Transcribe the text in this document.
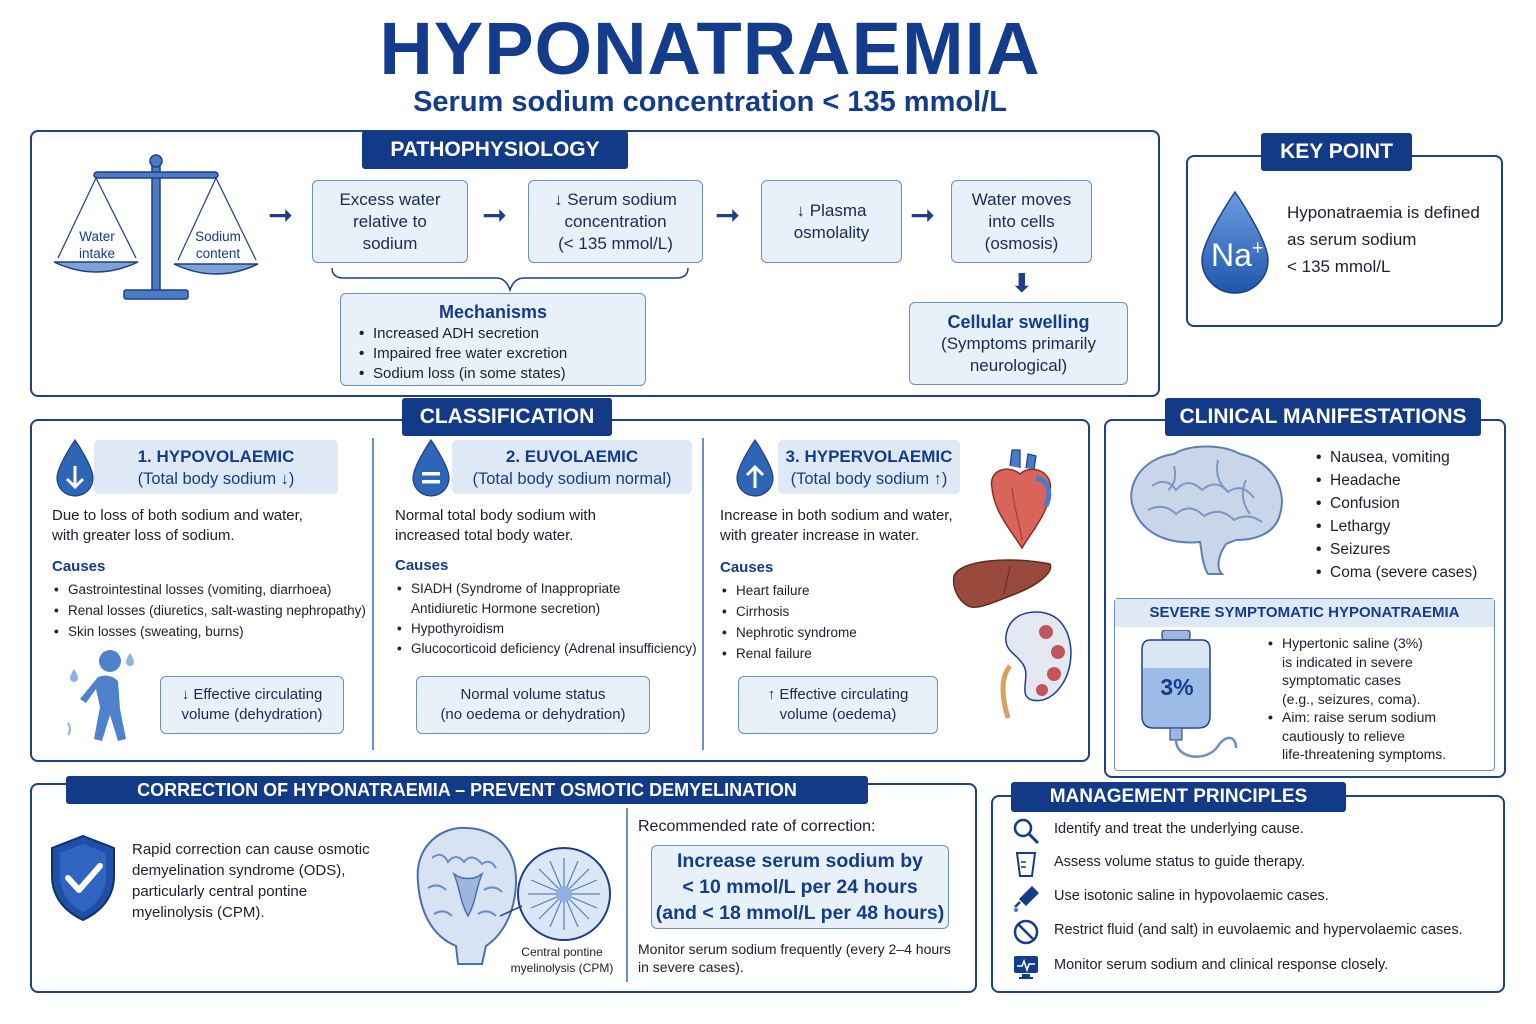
HYPONATRAEMIA
Serum sodium concentration < 135 mmol/L
PATHOPHYSIOLOGY
Water
intake
Sodium
content
➞	Excess water
relative to
sodium
➞	↓ Serum sodium
concentration
(< 135 mmol/L)
➞	↓ Plasma
osmolality ➞ Water moves
into cells
(osmosis)
Mechanisms
• Increased ADH secretion
• Impaired free water excretion
• Sodium loss (in some states)
⬇
Cellular swelling
(Symptoms primarily
neurological)
KEY POINT
Na+
Hyponatraemia is defined
as serum sodium
< 135 mmol/L
CLASSIFICATION
1. HYPOVOLAEMIC
(Total body sodium ↓)
Due to loss of both sodium and water,
with greater loss of sodium.
Causes
• Gastrointestinal losses (vomiting, diarrhoea)
• Renal losses (diuretics, salt-wasting nephropathy)
• Skin losses (sweating, burns)
↓ Effective circulating
volume (dehydration)
2. EUVOLAEMIC
(Total body sodium normal)
Normal total body sodium with
increased total body water.
Causes
• SIADH (Syndrome of Inappropriate
Antidiuretic Hormone secretion)
• Hypothyroidism
• Glucocorticoid deficiency (Adrenal insufficiency)
Normal volume status
(no oedema or dehydration)
3. HYPERVOLAEMIC
(Total body sodium ↑)
Increase in both sodium and water,
with greater increase in water.
Causes
• Heart failure
• Cirrhosis
• Nephrotic syndrome
• Renal failure
↑ Effective circulating
volume (oedema)
CLINICAL MANIFESTATIONS
• Nausea, vomiting
• Headache
• Confusion
• Lethargy
• Seizures
• Coma (severe cases)
SEVERE SYMPTOMATIC HYPONATRAEMIA
3%
• Hypertonic saline (3%)
is indicated in severe
symptomatic cases
(e.g., seizures, coma).
• Aim: raise serum sodium
cautiously to relieve
life-threatening symptoms.
CORRECTION OF HYPONATRAEMIA – PREVENT OSMOTIC DEMYELINATION
Rapid correction can cause osmotic
demyelination syndrome (ODS),
particularly central pontine
myelinolysis (CPM).
Central pontine
myelinolysis (CPM)
Recommended rate of correction:
Increase serum sodium by
< 10 mmol/L per 24 hours
(and < 18 mmol/L per 48 hours)
Monitor serum sodium frequently (every 2–4 hours
in severe cases).
MANAGEMENT PRINCIPLES
Identify and treat the underlying cause.
Assess volume status to guide therapy.
Use isotonic saline in hypovolaemic cases.
Restrict fluid (and salt) in euvolaemic and hypervolaemic cases.
Monitor serum sodium and clinical response closely.
